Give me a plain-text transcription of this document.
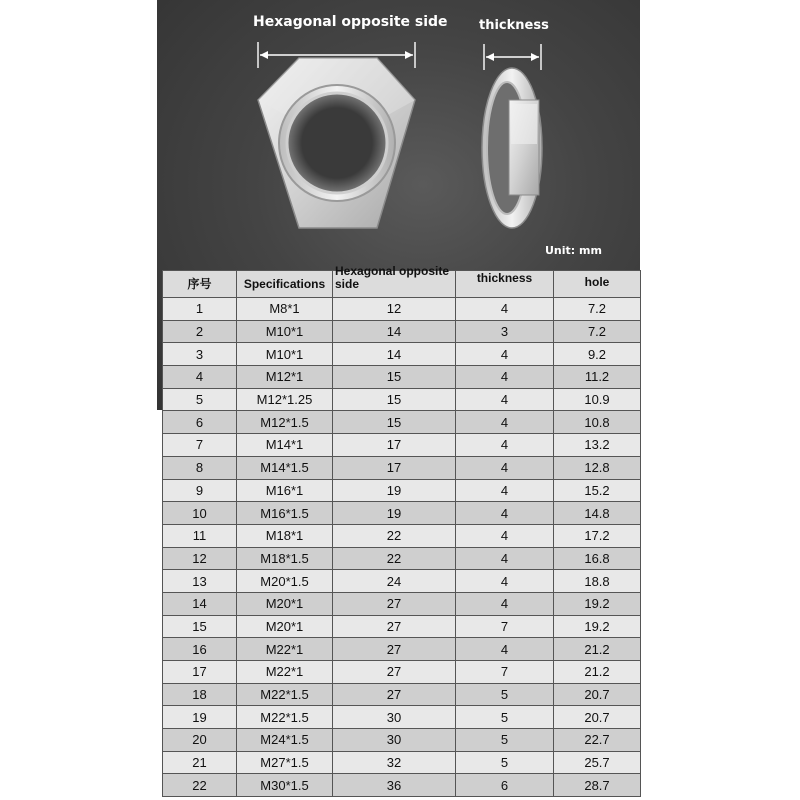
Hexagonal opposite side thickness
Unit: mm
序号	Specifications	Hexagonal opposite side	thickness	hole

1	M8*1	12	4	7.2
2	M10*1	14	3	7.2
3	M10*1	14	4	9.2
4	M12*1	15	4	11.2
5	M12*1.25	15	4	10.9
6	M12*1.5	15	4	10.8
7	M14*1	17	4	13.2
8	M14*1.5	17	4	12.8
9	M16*1	19	4	15.2
10	M16*1.5	19	4	14.8
11	M18*1	22	4	17.2
12	M18*1.5	22	4	16.8
13	M20*1.5	24	4	18.8
14	M20*1	27	4	19.2
15	M20*1	27	7	19.2
16	M22*1	27	4	21.2
17	M22*1	27	7	21.2
18	M22*1.5	27	5	20.7
19	M22*1.5	30	5	20.7
20	M24*1.5	30	5	22.7
21	M27*1.5	32	5	25.7
22	M30*1.5	36	6	28.7
